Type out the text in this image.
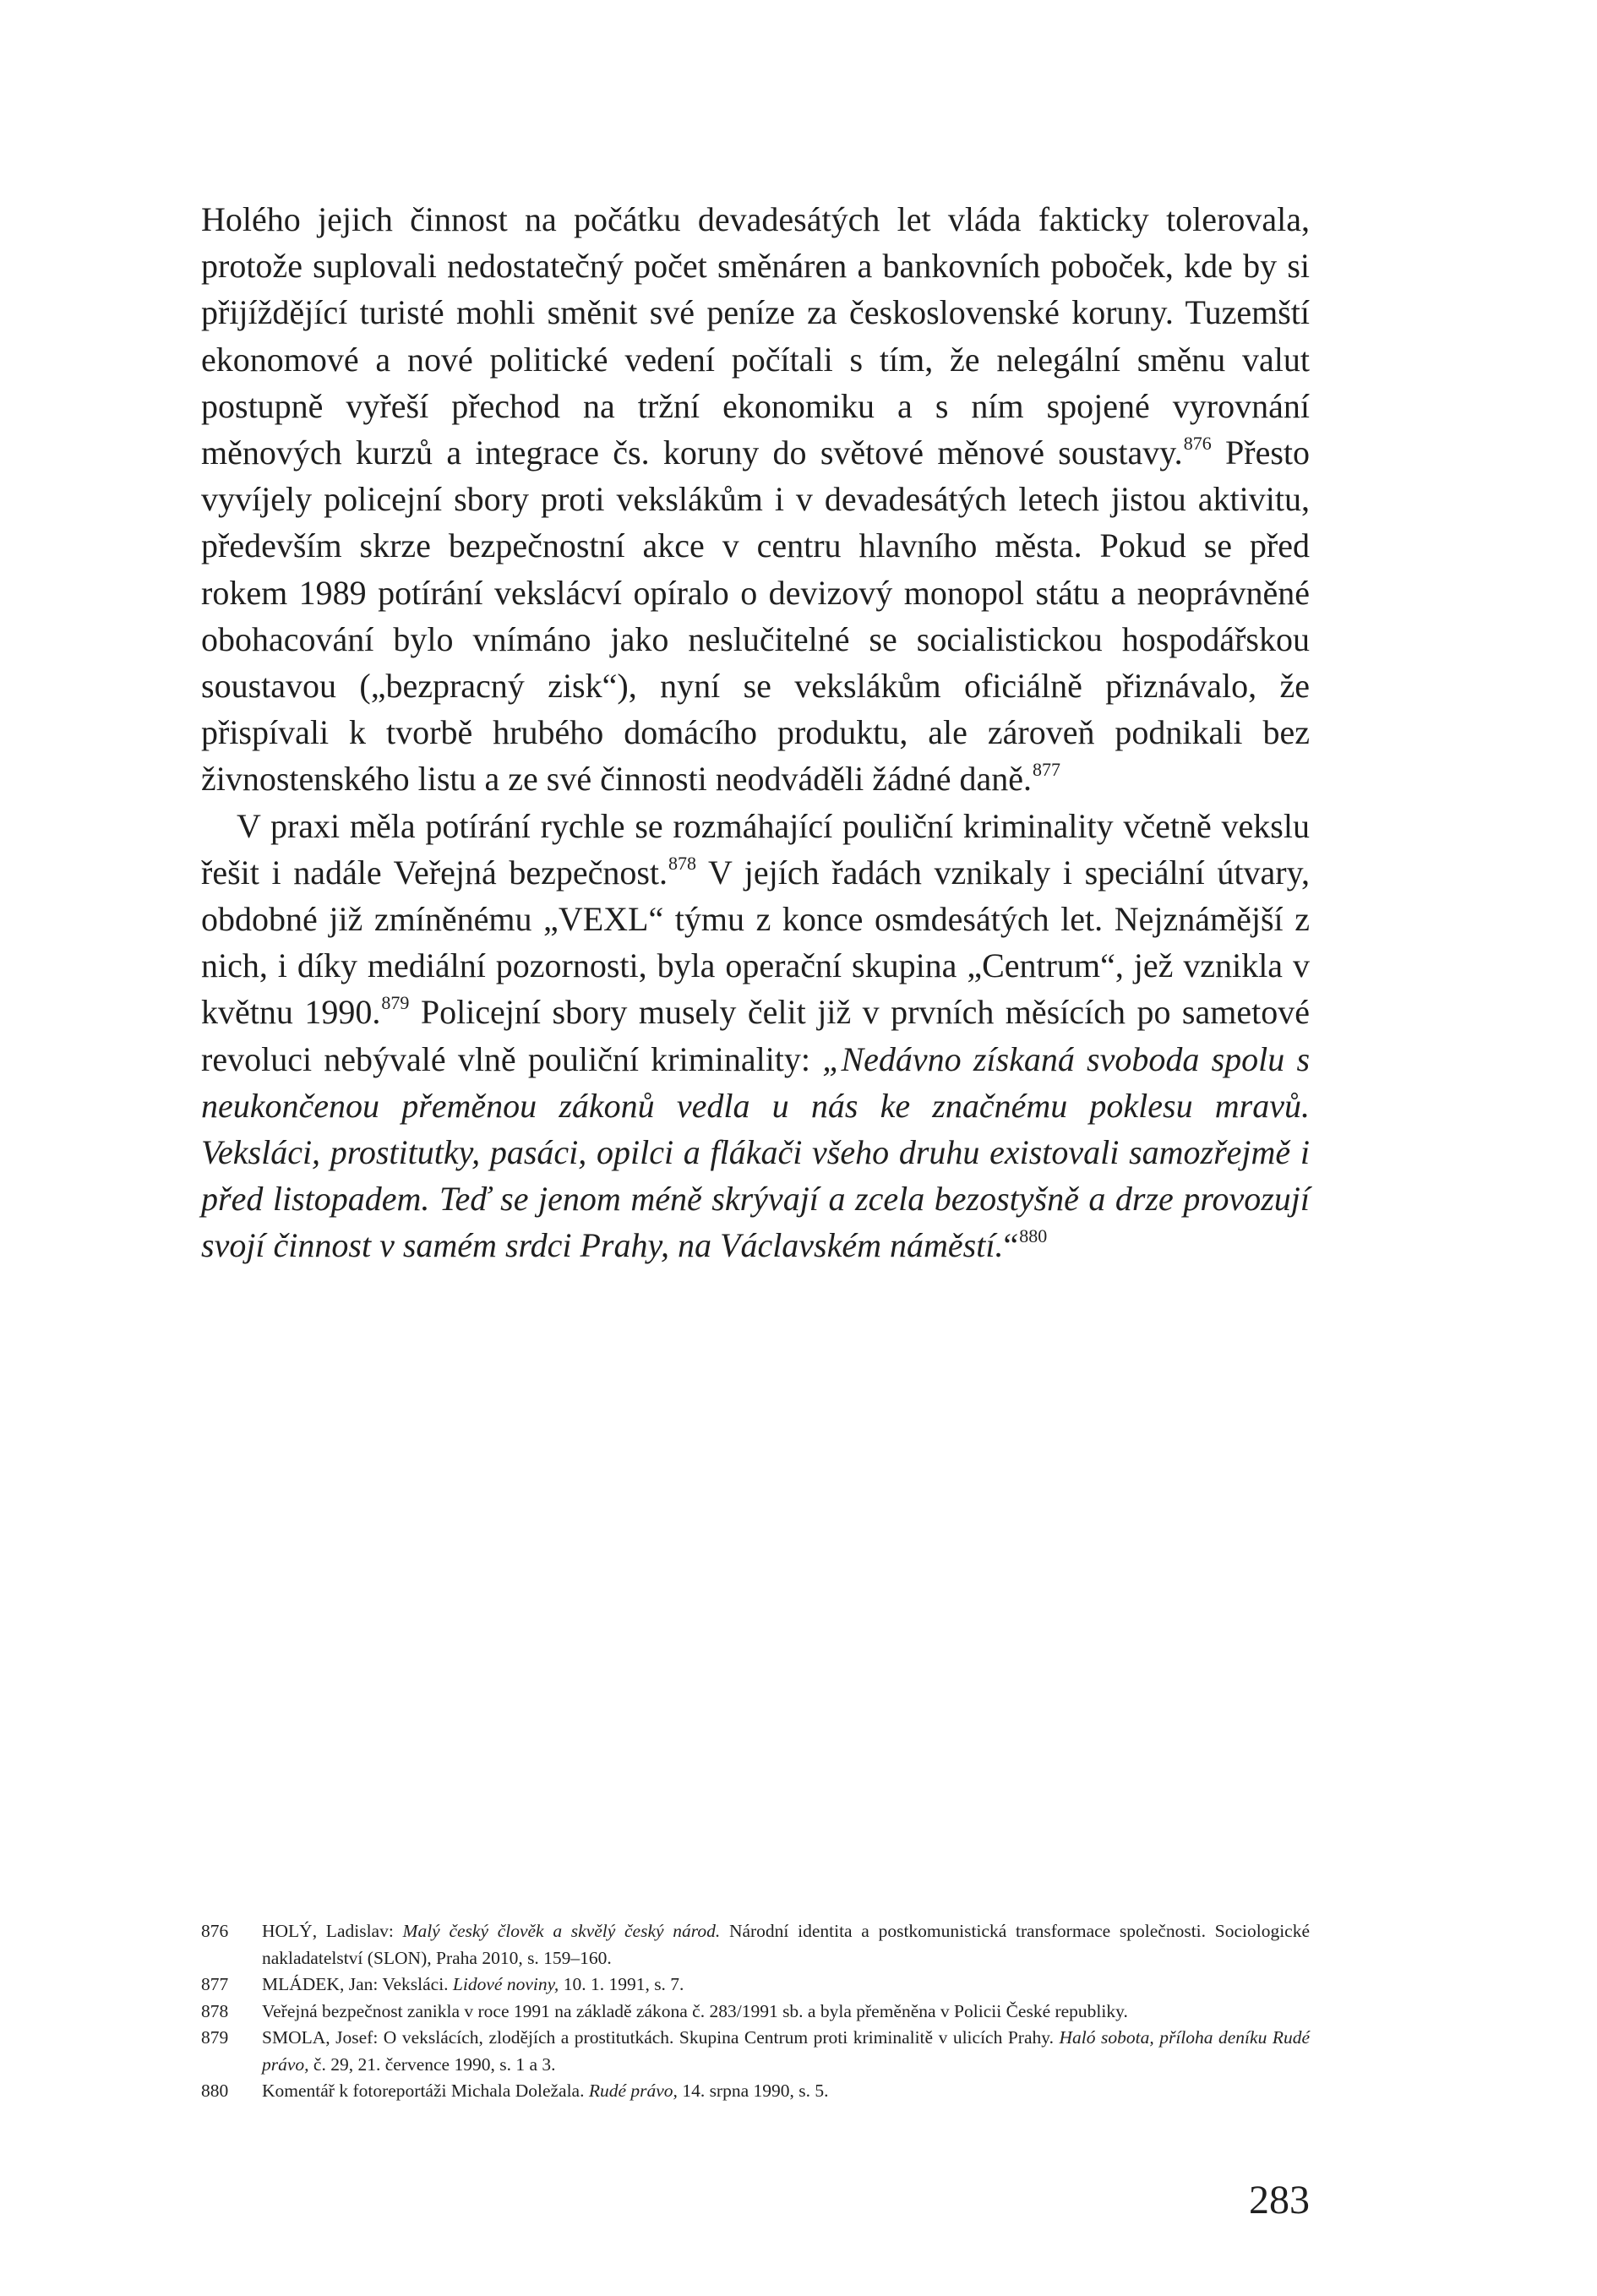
Holého jejich činnost na počátku devadesátých let vláda fakticky tolerovala, protože suplovali nedostatečný počet směnáren a bankovních poboček, kde by si přijíždějící turisté mohli směnit své peníze za československé koruny. Tuzemští ekonomové a nové politické vedení počítali s tím, že nelegální směnu valut postupně vyřeší přechod na tržní ekonomiku a s ním spojené vyrovnání měnových kurzů a integrace čs. koruny do světové měnové soustavy.$^{876}$ Přesto vyvíjely policejní sbory proti vekslákům i v devadesátých letech jistou aktivitu, především skrze bezpečnostní akce v centru hlavního města. Pokud se před rokem 1989 potírání vekslácví opíralo o devizový monopol státu a neoprávněné obohacování bylo vnímáno jako neslučitelné se socialistickou hospodářskou soustavou („bezpracný zisk“), nyní se vekslákům oficiálně přiznávalo, že přispívali k tvorbě hrubého domácího produktu, ale zároveň podnikali bez živnostenského listu a ze své činnosti neodváděli žádné daně.$^{877}$

V praxi měla potírání rychle se rozmáhající pouliční kriminality včetně vekslu řešit i nadále Veřejná bezpečnost.$^{878}$ V jejích řadách vznikaly i speciální útvary, obdobné již zmíněnému „VEXL“ týmu z konce osmdesátých let. Nejznámější z nich, i díky mediální pozornosti, byla operační skupina „Centrum“, jež vznikla v květnu 1990.$^{879}$ Policejní sbory musely čelit již v prvních měsících po sametové revoluci nebývalé vlně pouliční kriminality: „Nedávno získaná svoboda spolu s neukončenou přeměnou zákonů vedla u nás ke značnému poklesu mravů. Veksláci, prostitutky, pasáci, opilci a flákači všeho druhu existovali samozřejmě i před listopadem. Teď se jenom méně skrývají a zcela bezostyšně a drze provozují svojí činnost v samém srdci Prahy, na Václavském náměstí.“$^{880}$

876	HOLÝ, Ladislav: Malý český člověk a skvělý český národ. Národní identita a postkomunistická transformace společnosti. Sociologické nakladatelství (SLON), Praha 2010, s. 159–160.
877	MLÁDEK, Jan: Veksláci. Lidové noviny, 10. 1. 1991, s. 7.
878	Veřejná bezpečnost zanikla v roce 1991 na základě zákona č. 283/1991 sb. a byla přeměněna v Policii České republiky.
879	SMOLA, Josef: O vekslácích, zlodějích a prostitutkách. Skupina Centrum proti kriminalitě v ulicích Prahy. Haló sobota, příloha deníku Rudé právo, č. 29, 21. července 1990, s. 1 a 3.
880	Komentář k fotoreportáži Michala Doležala. Rudé právo, 14. srpna 1990, s. 5.
283
